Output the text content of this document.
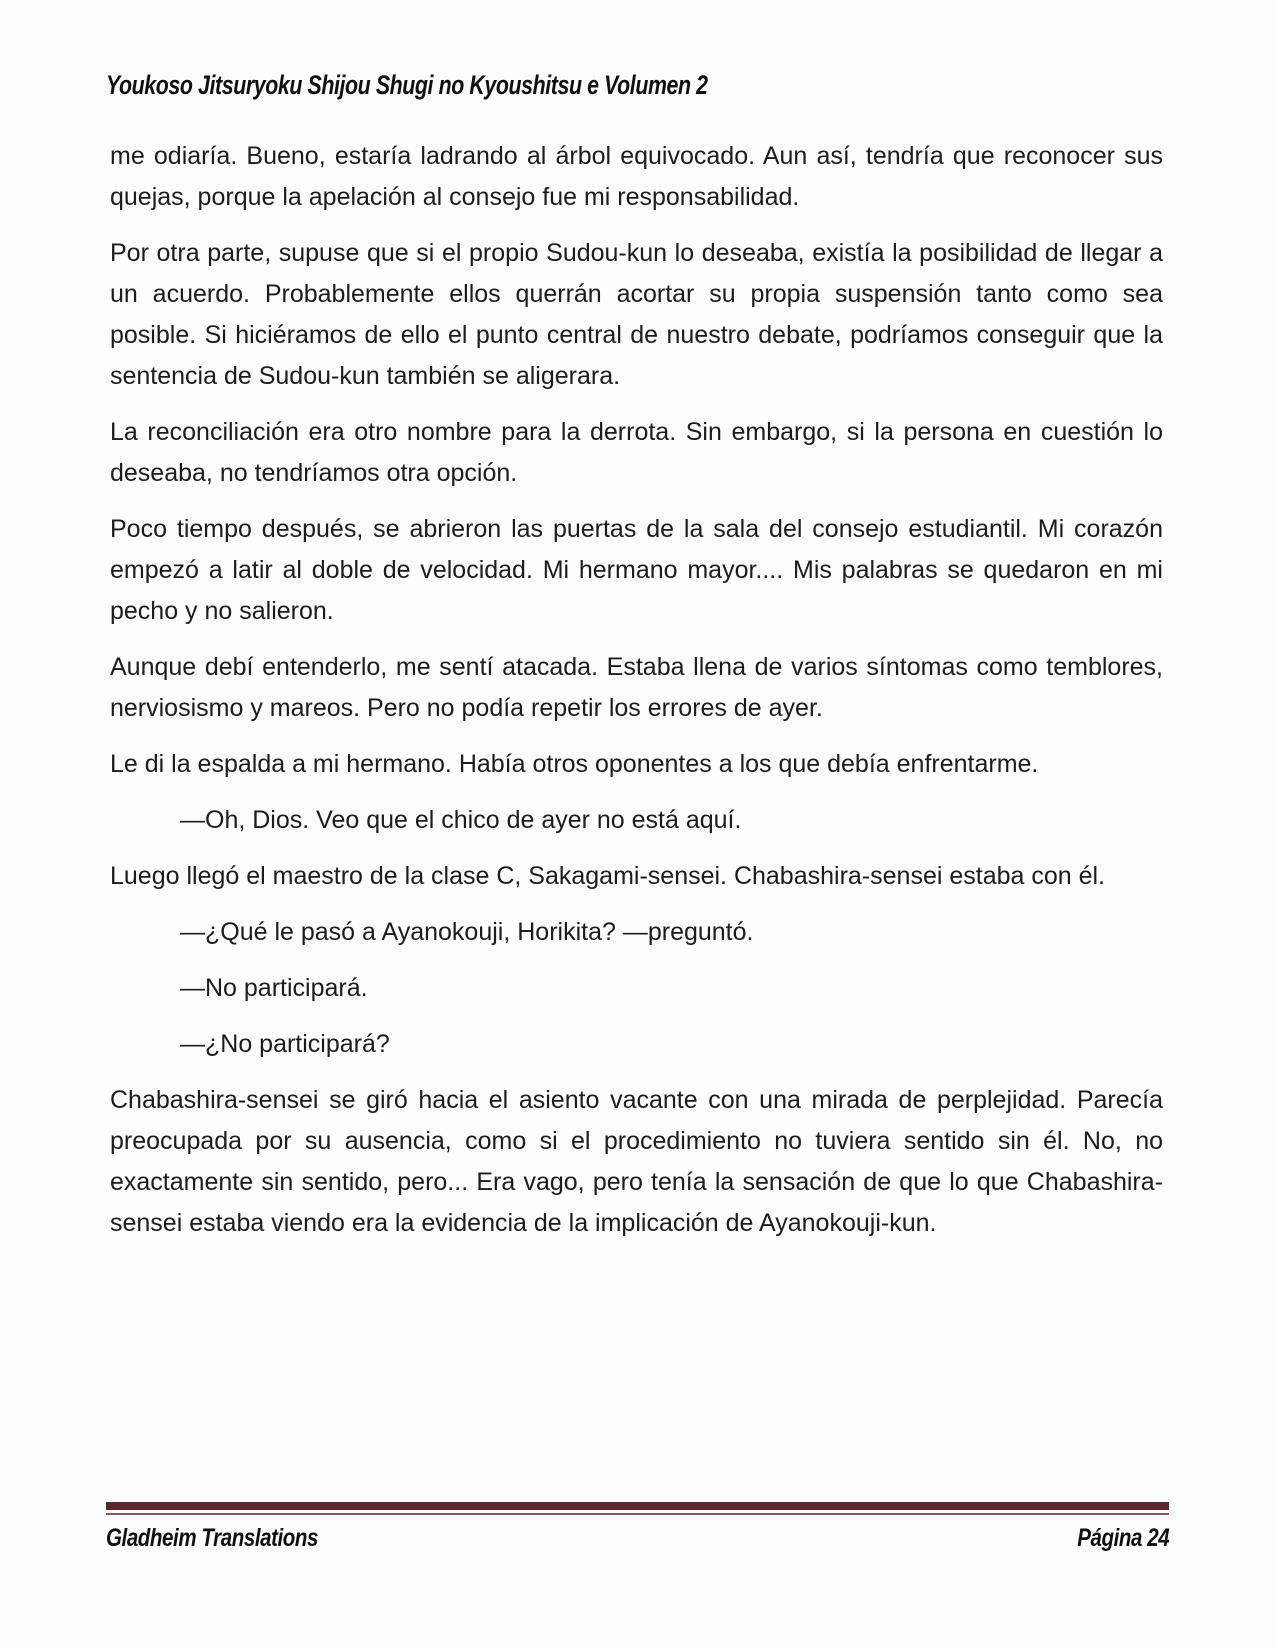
Youkoso Jitsuryoku Shijou Shugi no Kyoushitsu e Volumen 2

me odiaría. Bueno, estaría ladrando al árbol equivocado. Aun así, tendría que reconocer sus quejas, porque la apelación al consejo fue mi responsabilidad.

Por otra parte, supuse que si el propio Sudou-kun lo deseaba, existía la posibilidad de llegar a un acuerdo. Probablemente ellos querrán acortar su propia suspensión tanto como sea posible. Si hiciéramos de ello el punto central de nuestro debate, podríamos conseguir que la sentencia de Sudou-kun también se aligerara.

La reconciliación era otro nombre para la derrota. Sin embargo, si la persona en cuestión lo deseaba, no tendríamos otra opción.

Poco tiempo después, se abrieron las puertas de la sala del consejo estudiantil. Mi corazón empezó a latir al doble de velocidad. Mi hermano mayor.... Mis palabras se quedaron en mi pecho y no salieron.

Aunque debí entenderlo, me sentí atacada. Estaba llena de varios síntomas como temblores, nerviosismo y mareos. Pero no podía repetir los errores de ayer.

Le di la espalda a mi hermano. Había otros oponentes a los que debía enfrentarme.

—Oh, Dios. Veo que el chico de ayer no está aquí.

Luego llegó el maestro de la clase C, Sakagami-sensei. Chabashira-sensei estaba con él.

—¿Qué le pasó a Ayanokouji, Horikita? —preguntó.

—No participará.

—¿No participará?

Chabashira-sensei se giró hacia el asiento vacante con una mirada de perplejidad. Parecía preocupada por su ausencia, como si el procedimiento no tuviera sentido sin él. No, no exactamente sin sentido, pero... Era vago, pero tenía la sensación de que lo que Chabashira-sensei estaba viendo era la evidencia de la implicación de Ayanokouji-kun.

Gladheim Translations	Página 24
